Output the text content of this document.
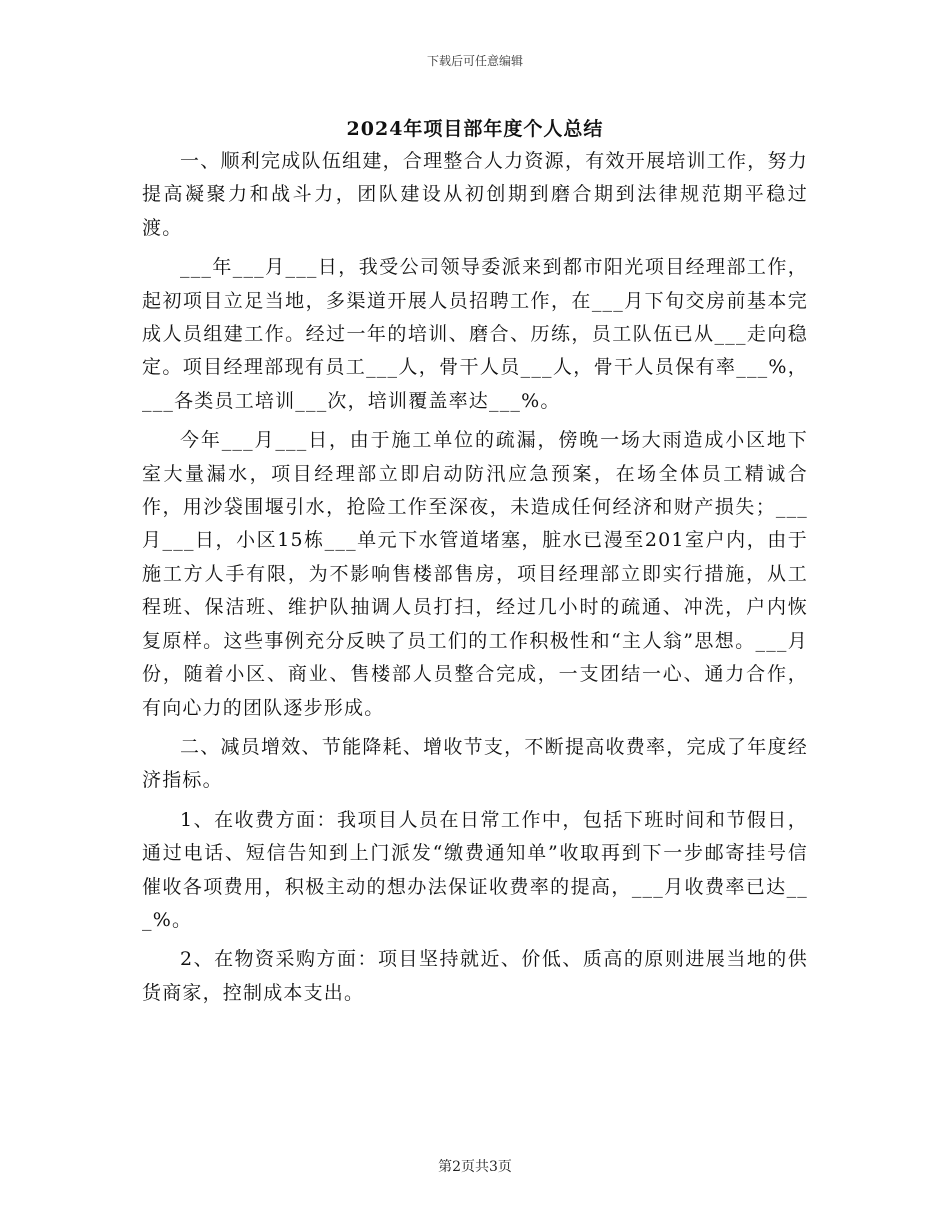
下载后可任意编辑
2024年项目部年度个人总结

一、顺利完成队伍组建，合理整合人力资源，有效开展培训工作，努力提高凝聚力和战斗力，团队建设从初创期到磨合期到法律规范期平稳过渡。

___年___月___日，我受公司领导委派来到都市阳光项目经理部工作，起初项目立足当地，多渠道开展人员招聘工作，在___月下旬交房前基本完成人员组建工作。经过一年的培训、磨合、历练，员工队伍已从___走向稳定。项目经理部现有员工___人，骨干人员___人，骨干人员保有率___%，___各类员工培训___次，培训覆盖率达___%。

今年___月___日，由于施工单位的疏漏，傍晚一场大雨造成小区地下室大量漏水，项目经理部立即启动防汛应急预案，在场全体员工精诚合作，用沙袋围堰引水，抢险工作至深夜，未造成任何经济和财产损失；___月___日，小区15栋___单元下水管道堵塞，脏水已漫至201室户内，由于施工方人手有限，为不影响售楼部售房，项目经理部立即实行措施，从工程班、保洁班、维护队抽调人员打扫，经过几小时的疏通、冲洗，户内恢复原样。这些事例充分反映了员工们的工作积极性和“主人翁”思想。___月份，随着小区、商业、售楼部人员整合完成，一支团结一心、通力合作，有向心力的团队逐步形成。

二、减员增效、节能降耗、增收节支，不断提高收费率，完成了年度经济指标。

1、在收费方面：我项目人员在日常工作中，包括下班时间和节假日，通过电话、短信告知到上门派发“缴费通知单”收取再到下一步邮寄挂号信催收各项费用，积极主动的想办法保证收费率的提高，___月收费率已达___%。

2、在物资采购方面：项目坚持就近、价低、质高的原则进展当地的供货商家，控制成本支出。

第2页共3页
